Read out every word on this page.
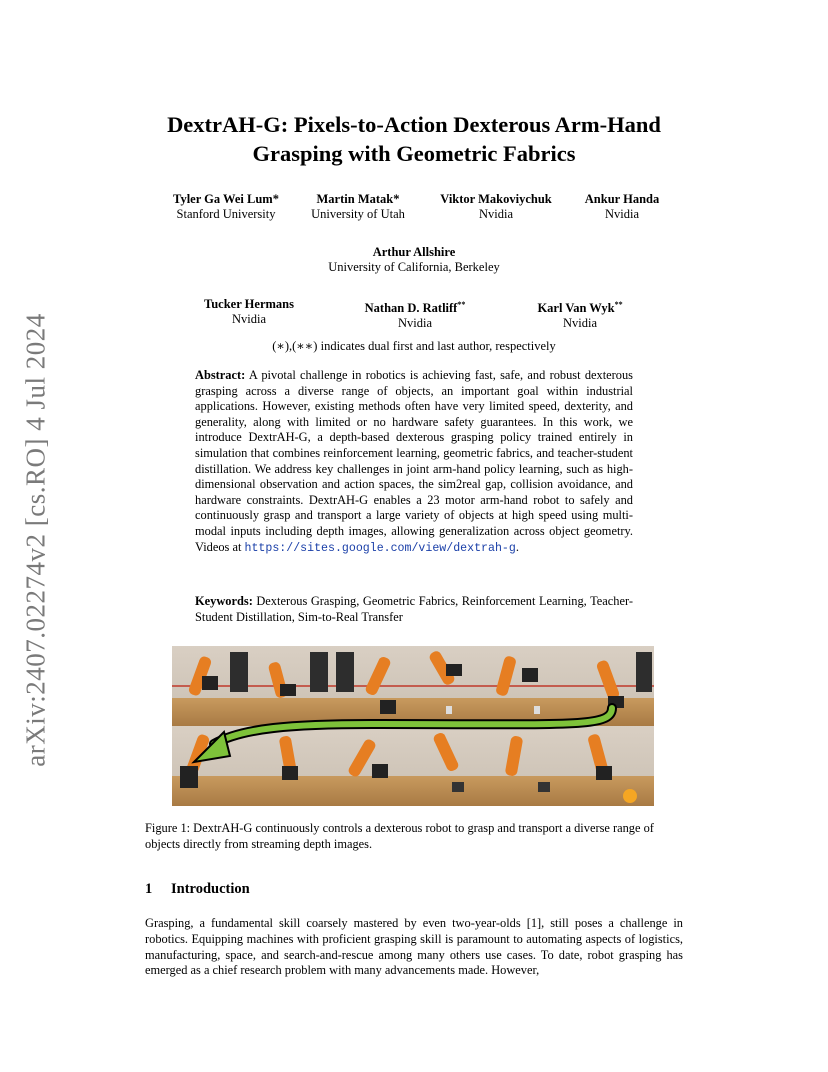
arXiv:2407.02274v2 [cs.RO] 4 Jul 2024
DextrAH-G: Pixels-to-Action Dexterous Arm-Hand
Grasping with Geometric Fabrics
Tyler Ga Wei Lum*
Stanford University
Martin Matak*
University of Utah
Viktor Makoviychuk
Nvidia
Ankur Handa
Nvidia
Arthur Allshire
University of California, Berkeley
Tucker Hermans
Nvidia
Nathan D. Ratliff**
Nvidia
Karl Van Wyk**
Nvidia
(∗),(∗∗) indicates dual first and last author, respectively
Abstract: A pivotal challenge in robotics is achieving fast, safe, and robust dexterous grasping across a diverse range of objects, an important goal within industrial applications. However, existing methods often have very limited speed, dexterity, and generality, along with limited or no hardware safety guarantees. In this work, we introduce DextrAH-G, a depth-based dexterous grasping policy trained entirely in simulation that combines reinforcement learning, geometric fabrics, and teacher-student distillation. We address key challenges in joint arm-hand policy learning, such as high-dimensional observation and action spaces, the sim2real gap, collision avoidance, and hardware constraints. DextrAH-G enables a 23 motor arm-hand robot to safely and continuously grasp and transport a large variety of objects at high speed using multi-modal inputs including depth images, allowing generalization across object geometry. Videos at https://sites.google.com/view/dextrah-g.
Keywords: Dexterous Grasping, Geometric Fabrics, Reinforcement Learning, Teacher-Student Distillation, Sim-to-Real Transfer
Figure 1: DextrAH-G continuously controls a dexterous robot to grasp and transport a diverse range of objects directly from streaming depth images.
1 Introduction
Grasping, a fundamental skill coarsely mastered by even two-year-olds [1], still poses a challenge in robotics. Equipping machines with proficient grasping skill is paramount to automating aspects of logistics, manufacturing, space, and search-and-rescue among many others use cases. To date, robot grasping has emerged as a chief research problem with many advancements made. However,
